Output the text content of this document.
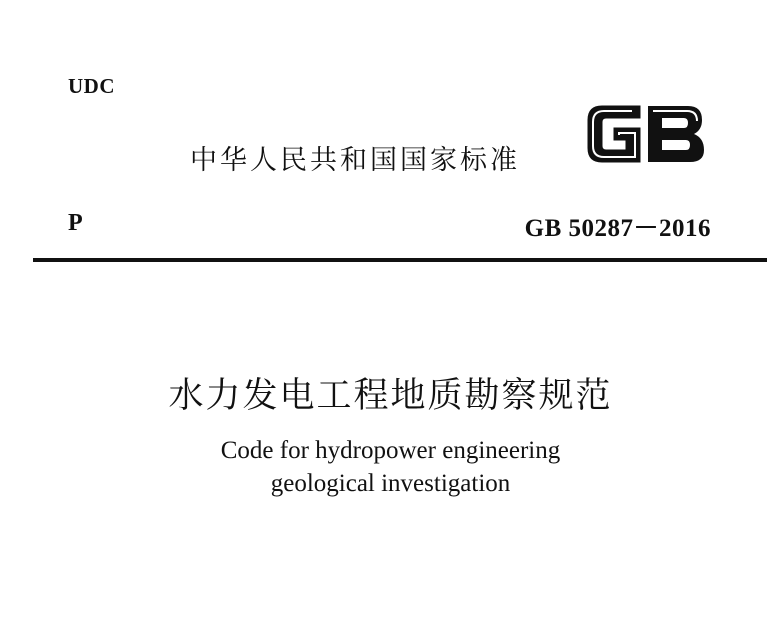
UDC
中华人民共和国国家标准
P	GB 50287－2016
水力发电工程地质勘察规范
Code for hydropower engineering
geological investigation
